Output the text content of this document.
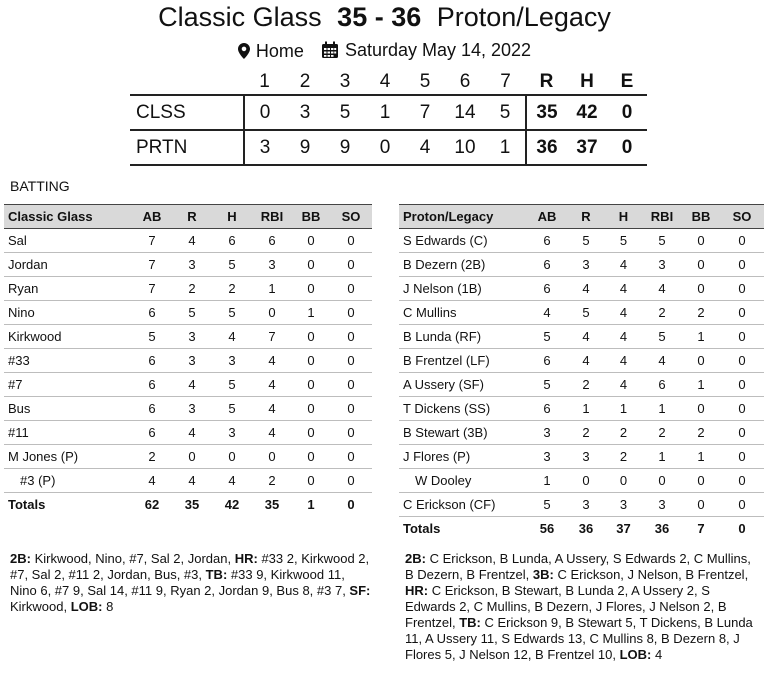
Classic Glass 35 - 36 Proton/Legacy
Home
Saturday May 14, 2022
	1	2	3	4	5	6	7	R	H	E
CLSS	0	3	5	1	7	14	5	35	42	0
PRTN	3	9	9	0	4	10	1	36	37	0
BATTING
Classic Glass	AB	R	H	RBI	BB	SO
Sal	7	4	6	6	0	0
Jordan	7	3	5	3	0	0
Ryan	7	2	2	1	0	0
Nino	6	5	5	0	1	0
Kirkwood	5	3	4	7	0	0
#33	6	3	3	4	0	0
#7	6	4	5	4	0	0
Bus	6	3	5	4	0	0
#11	6	4	3	4	0	0
M Jones (P)	2	0	0	0	0	0
#3 (P)	4	4	4	2	0	0
Totals	62	35	42	35	1	0
Proton/Legacy	AB	R	H	RBI	BB	SO
S Edwards (C)	6	5	5	5	0	0
B Dezern (2B)	6	3	4	3	0	0
J Nelson (1B)	6	4	4	4	0	0
C Mullins	4	5	4	2	2	0
B Lunda (RF)	5	4	4	5	1	0
B Frentzel (LF)	6	4	4	4	0	0
A Ussery (SF)	5	2	4	6	1	0
T Dickens (SS)	6	1	1	1	0	0
B Stewart (3B)	3	2	2	2	2	0
J Flores (P)	3	3	2	1	1	0
W Dooley	1	0	0	0	0	0
C Erickson (CF)	5	3	3	3	0	0
Totals	56	36	37	36	7	0
2B: Kirkwood, Nino, #7, Sal 2, Jordan, HR: #33 2, Kirkwood 2, #7, Sal 2, #11 2, Jordan, Bus, #3, TB: #33 9, Kirkwood 11, Nino 6, #7 9, Sal 14, #11 9, Ryan 2, Jordan 9, Bus 8, #3 7, SF: Kirkwood, LOB: 8
2B: C Erickson, B Lunda, A Ussery, S Edwards 2, C Mullins, B Dezern, B Frentzel, 3B: C Erickson, J Nelson, B Frentzel, HR: C Erickson, B Stewart, B Lunda 2, A Ussery 2, S Edwards 2, C Mullins, B Dezern, J Flores, J Nelson 2, B Frentzel, TB: C Erickson 9, B Stewart 5, T Dickens, B Lunda 11, A Ussery 11, S Edwards 13, C Mullins 8, B Dezern 8, J Flores 5, J Nelson 12, B Frentzel 10, LOB: 4
